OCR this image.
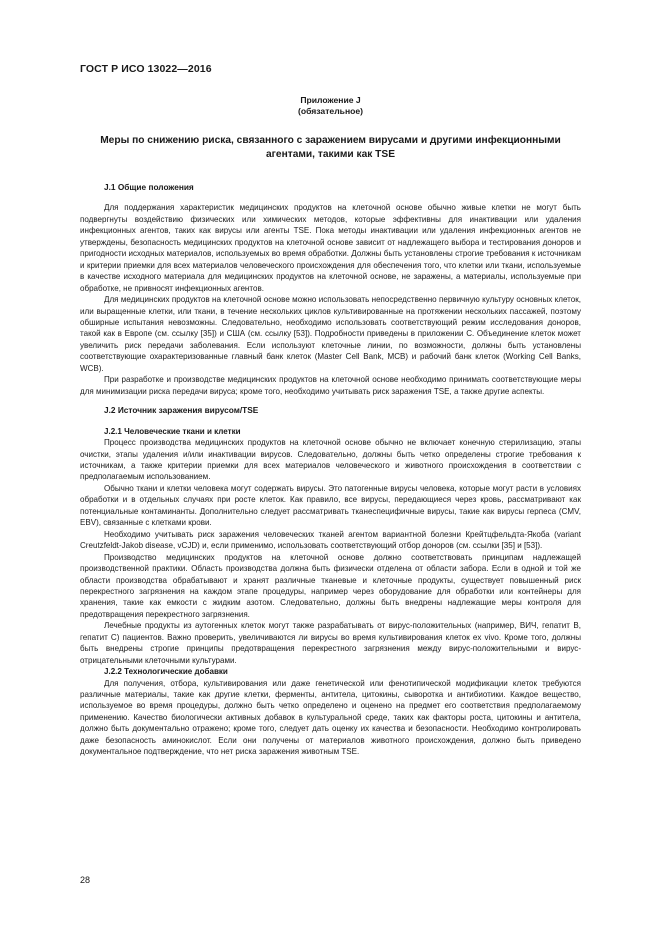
ГОСТ Р ИСО 13022—2016
Приложение J
(обязательное)
Меры по снижению риска, связанного с заражением вирусами и другими инфекционными агентами, такими как TSE
J.1 Общие положения

Для поддержания характеристик медицинских продуктов на клеточной основе обычно живые клетки не могут быть подвергнуты воздействию физических или химических методов, которые эффективны для инактивации или удаления инфекционных агентов, таких как вирусы или агенты TSE. Пока методы инактивации или удаления инфекционных агентов не утверждены, безопасность медицинских продуктов на клеточной основе зависит от надлежащего выбора и тестирования доноров и пригодности исходных материалов, используемых во время обработки. Должны быть установлены строгие требования к источникам и критерии приемки для всех материалов человеческого происхождения для обеспечения того, что клетки или ткани, используемые в качестве исходного материала для медицинских продуктов на клеточной основе, не заражены, а материалы, используемые при обработке, не привносят инфекционных агентов.

Для медицинских продуктов на клеточной основе можно использовать непосредственно первичную культуру основных клеток, или выращенные клетки, или ткани, в течение нескольких циклов культивированные на протяжении нескольких пассажей, поэтому обширные испытания невозможны. Следовательно, необходимо использовать соответствующий режим исследования доноров, такой как в Европе (см. ссылку [35]) и США (см. ссылку [53]). Подробности приведены в приложении С. Объединение клеток может увеличить риск передачи заболевания. Если используют клеточные линии, по возможности, должны быть установлены соответствующие охарактеризованные главный банк клеток (Master Cell Bank, MCB) и рабочий банк клеток (Working Cell Banks, WCB).

При разработке и производстве медицинских продуктов на клеточной основе необходимо принимать соответствующие меры для минимизации риска передачи вируса; кроме того, необходимо учитывать риск заражения TSE, а также другие аспекты.

J.2 Источник заражения вирусом/TSE
J.2.1 Человеческие ткани и клетки

Процесс производства медицинских продуктов на клеточной основе обычно не включает конечную стерилизацию, этапы очистки, этапы удаления и/или инактивации вирусов. Следовательно, должны быть четко определены строгие требования к источникам, а также критерии приемки для всех материалов человеческого и животного происхождения в соответствии с предполагаемым использованием.

Обычно ткани и клетки человека могут содержать вирусы. Это патогенные вирусы человека, которые могут расти в условиях обработки и в отдельных случаях при росте клеток. Как правило, все вирусы, передающиеся через кровь, рассматривают как потенциальные контаминанты. Дополнительно следует рассматривать тканеспецифичные вирусы, такие как вирусы герпеса (CMV, EBV), связанные с клетками крови.

Необходимо учитывать риск заражения человеческих тканей агентом вариантной болезни Крейтцфельдта-Якоба (variant Creutzfeldt-Jakob disease, vCJD) и, если применимо, использовать соответствующий отбор доноров (см. ссылки [35] и [53]).

Производство медицинских продуктов на клеточной основе должно соответствовать принципам надлежащей производственной практики. Область производства должна быть физически отделена от области забора. Если в одной и той же области производства обрабатывают и хранят различные тканевые и клеточные продукты, существует повышенный риск перекрестного загрязнения на каждом этапе процедуры, например через оборудование для обработки или контейнеры для хранения, такие как емкости с жидким азотом. Следовательно, должны быть внедрены надлежащие меры контроля для предотвращения перекрестного загрязнения.

Лечебные продукты из аутогенных клеток могут также разрабатывать от вирус-положительных (например, ВИЧ, гепатит В, гепатит С) пациентов. Важно проверить, увеличиваются ли вирусы во время культивирования клеток ex vivo. Кроме того, должны быть внедрены строгие принципы предотвращения перекрестного загрязнения между вирус-положительными и вирус-отрицательными клеточными культурами.

J.2.2 Технологические добавки

Для получения, отбора, культивирования или даже генетической или фенотипической модификации клеток требуются различные материалы, такие как другие клетки, ферменты, антитела, цитокины, сыворотка и антибиотики. Каждое вещество, используемое во время процедуры, должно быть четко определено и оценено на предмет его соответствия предполагаемому применению. Качество биологически активных добавок в культуральной среде, таких как факторы роста, цитокины и антитела, должно быть документально отражено; кроме того, следует дать оценку их качества и безопасности. Необходимо контролировать даже безопасность аминокислот. Если они получены от материалов животного происхождения, должно быть приведено документальное подтверждение, что нет риска заражения животным TSE.

28
